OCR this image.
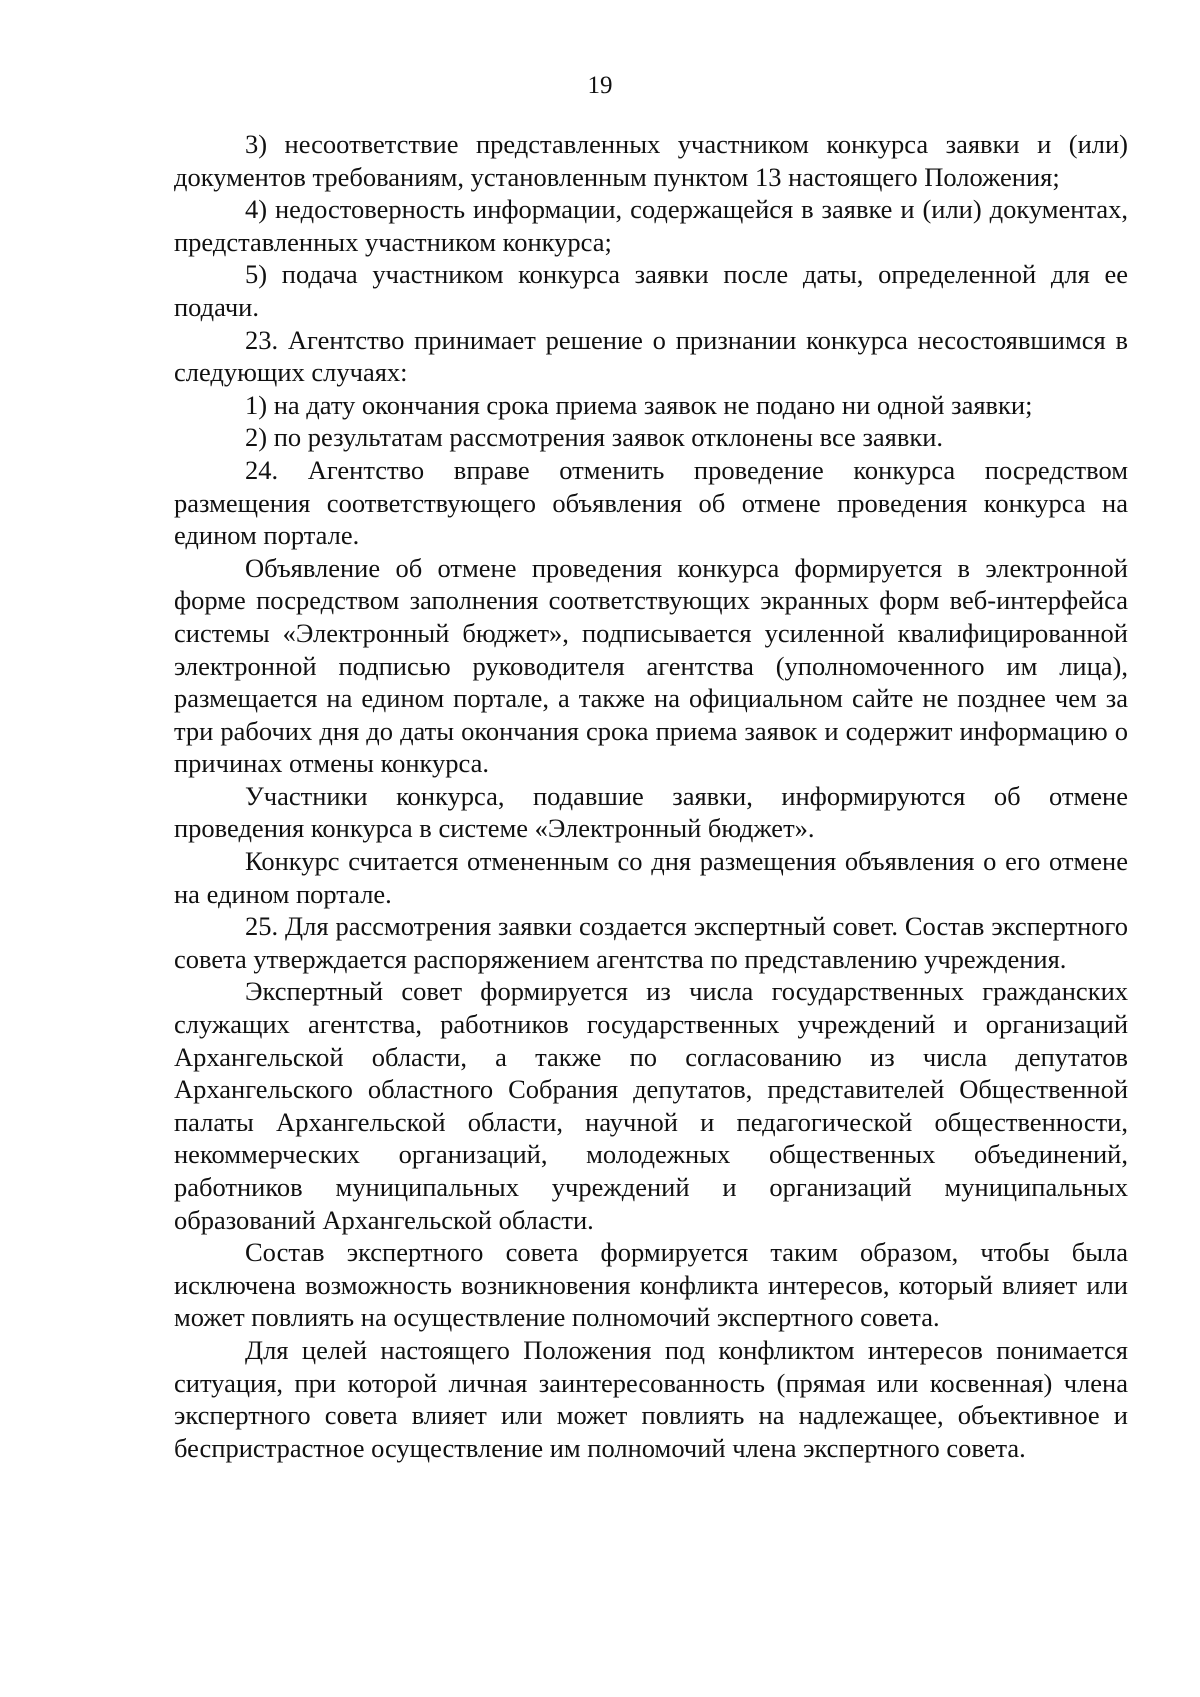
19

3) несоответствие представленных участником конкурса заявки и (или) документов требованиям, установленным пунктом 13 настоящего Положения;

4) недостоверность информации, содержащейся в заявке и (или) документах, представленных участником конкурса;

5) подача участником конкурса заявки после даты, определенной для ее подачи.

23. Агентство принимает решение о признании конкурса несостоявшимся в следующих случаях:

1) на дату окончания срока приема заявок не подано ни одной заявки;

2) по результатам рассмотрения заявок отклонены все заявки.

24. Агентство вправе отменить проведение конкурса посредством размещения соответствующего объявления об отмене проведения конкурса на едином портале.

Объявление об отмене проведения конкурса формируется в электронной форме посредством заполнения соответствующих экранных форм веб-интерфейса системы «Электронный бюджет», подписывается усиленной квалифицированной электронной подписью руководителя агентства (уполномоченного им лица), размещается на едином портале, а также на официальном сайте не позднее чем за три рабочих дня до даты окончания срока приема заявок и содержит информацию о причинах отмены конкурса.

Участники конкурса, подавшие заявки, информируются об отмене проведения конкурса в системе «Электронный бюджет».

Конкурс считается отмененным со дня размещения объявления о его отмене на едином портале.

25. Для рассмотрения заявки создается экспертный совет. Состав экспертного совета утверждается распоряжением агентства по представлению учреждения.

Экспертный совет формируется из числа государственных гражданских служащих агентства, работников государственных учреждений и организаций Архангельской области, а также по согласованию из числа депутатов Архангельского областного Собрания депутатов, представителей Общественной палаты Архангельской области, научной и педагогической общественности, некоммерческих организаций, молодежных общественных объединений, работников муниципальных учреждений и организаций муниципальных образований Архангельской области.

Состав экспертного совета формируется таким образом, чтобы была исключена возможность возникновения конфликта интересов, который влияет или может повлиять на осуществление полномочий экспертного совета.

Для целей настоящего Положения под конфликтом интересов понимается ситуация, при которой личная заинтересованность (прямая или косвенная) члена экспертного совета влияет или может повлиять на надлежащее, объективное и беспристрастное осуществление им полномочий члена экспертного совета.
